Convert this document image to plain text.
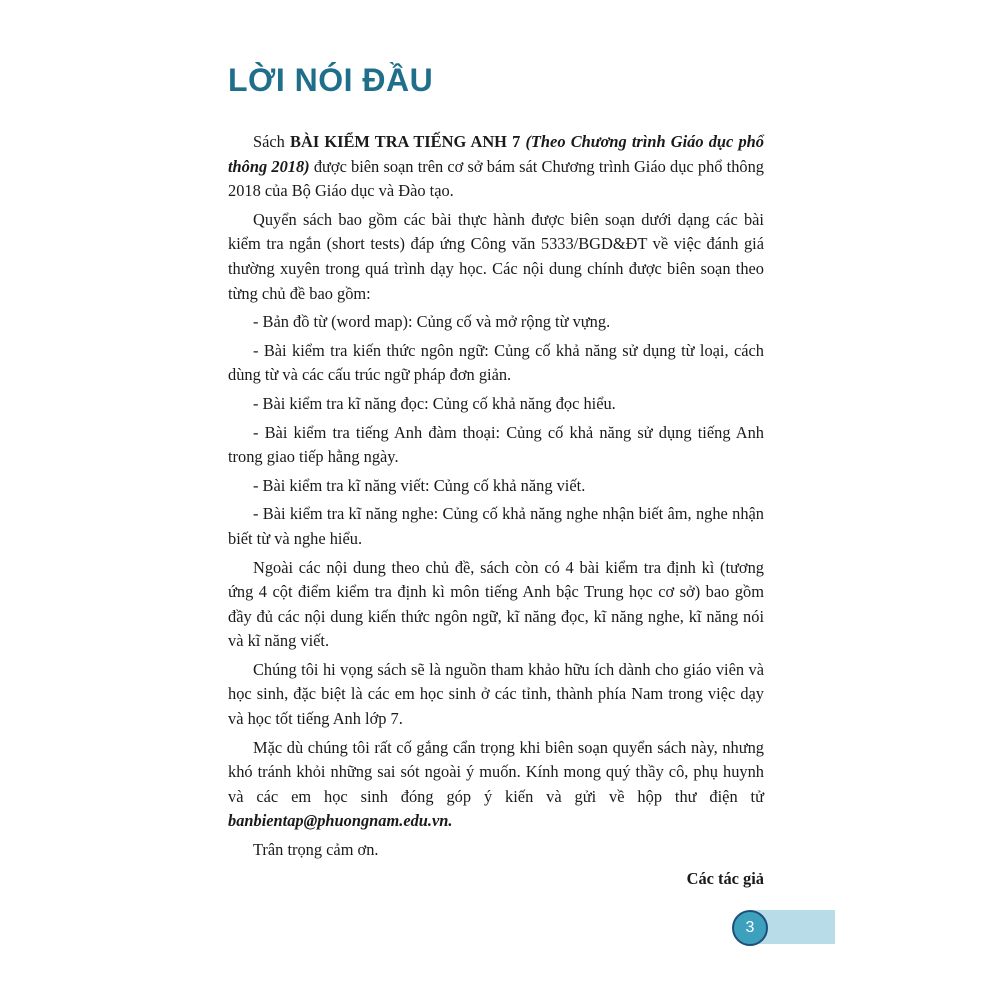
LỜI NÓI ĐẦU

Sách BÀI KIỂM TRA TIẾNG ANH 7 (Theo Chương trình Giáo dục phổ thông 2018) được biên soạn trên cơ sở bám sát Chương trình Giáo dục phổ thông 2018 của Bộ Giáo dục và Đào tạo.

Quyển sách bao gồm các bài thực hành được biên soạn dưới dạng các bài kiểm tra ngắn (short tests) đáp ứng Công văn 5333/BGD&ĐT về việc đánh giá thường xuyên trong quá trình dạy học. Các nội dung chính được biên soạn theo từng chủ đề bao gồm:

- Bản đồ từ (word map): Củng cố và mở rộng từ vựng.

- Bài kiểm tra kiến thức ngôn ngữ: Củng cố khả năng sử dụng từ loại, cách dùng từ và các cấu trúc ngữ pháp đơn giản.

- Bài kiểm tra kĩ năng đọc: Củng cố khả năng đọc hiểu.

- Bài kiểm tra tiếng Anh đàm thoại: Củng cố khả năng sử dụng tiếng Anh trong giao tiếp hằng ngày.

- Bài kiểm tra kĩ năng viết: Củng cố khả năng viết.

- Bài kiểm tra kĩ năng nghe: Củng cố khả năng nghe nhận biết âm, nghe nhận biết từ và nghe hiểu.

Ngoài các nội dung theo chủ đề, sách còn có 4 bài kiểm tra định kì (tương ứng 4 cột điểm kiểm tra định kì môn tiếng Anh bậc Trung học cơ sở) bao gồm đầy đủ các nội dung kiến thức ngôn ngữ, kĩ năng đọc, kĩ năng nghe, kĩ năng nói và kĩ năng viết.

Chúng tôi hi vọng sách sẽ là nguồn tham khảo hữu ích dành cho giáo viên và học sinh, đặc biệt là các em học sinh ở các tỉnh, thành phía Nam trong việc dạy và học tốt tiếng Anh lớp 7.

Mặc dù chúng tôi rất cố gắng cẩn trọng khi biên soạn quyển sách này, nhưng khó tránh khỏi những sai sót ngoài ý muốn. Kính mong quý thầy cô, phụ huynh và các em học sinh đóng góp ý kiến và gửi về hộp thư điện tử banbientap@phuongnam.edu.vn.

Trân trọng cảm ơn.

Các tác giả

3
